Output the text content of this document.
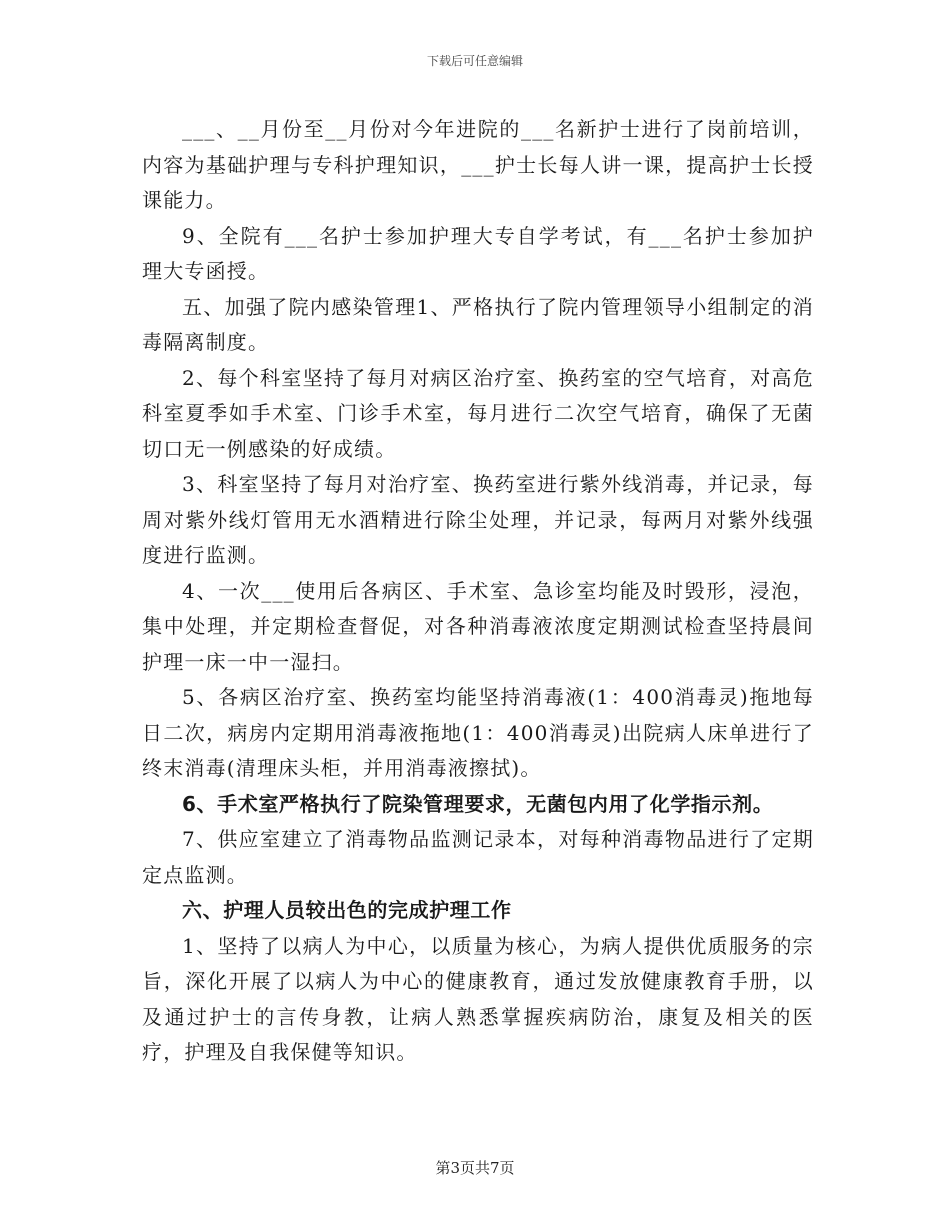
下载后可任意编辑

___、__月份至__月份对今年进院的___名新护士进行了岗前培训，内容为基础护理与专科护理知识，___护士长每人讲一课，提高护士长授课能力。

9、全院有___名护士参加护理大专自学考试，有___名护士参加护理大专函授。

五、加强了院内感染管理1、严格执行了院内管理领导小组制定的消毒隔离制度。

2、每个科室坚持了每月对病区治疗室、换药室的空气培育，对高危科室夏季如手术室、门诊手术室，每月进行二次空气培育，确保了无菌切口无一例感染的好成绩。

3、科室坚持了每月对治疗室、换药室进行紫外线消毒，并记录，每周对紫外线灯管用无水酒精进行除尘处理，并记录，每两月对紫外线强度进行监测。

4、一次___使用后各病区、手术室、急诊室均能及时毁形，浸泡，集中处理，并定期检查督促，对各种消毒液浓度定期测试检查坚持晨间护理一床一中一湿扫。

5、各病区治疗室、换药室均能坚持消毒液(1：400消毒灵)拖地每日二次，病房内定期用消毒液拖地(1：400消毒灵)出院病人床单进行了终末消毒(清理床头柜，并用消毒液擦拭)。

6、手术室严格执行了院染管理要求，无菌包内用了化学指示剂。

7、供应室建立了消毒物品监测记录本，对每种消毒物品进行了定期定点监测。

六、护理人员较出色的完成护理工作

1、坚持了以病人为中心，以质量为核心，为病人提供优质服务的宗旨，深化开展了以病人为中心的健康教育，通过发放健康教育手册，以及通过护士的言传身教，让病人熟悉掌握疾病防治，康复及相关的医疗，护理及自我保健等知识。

第3页共7页
